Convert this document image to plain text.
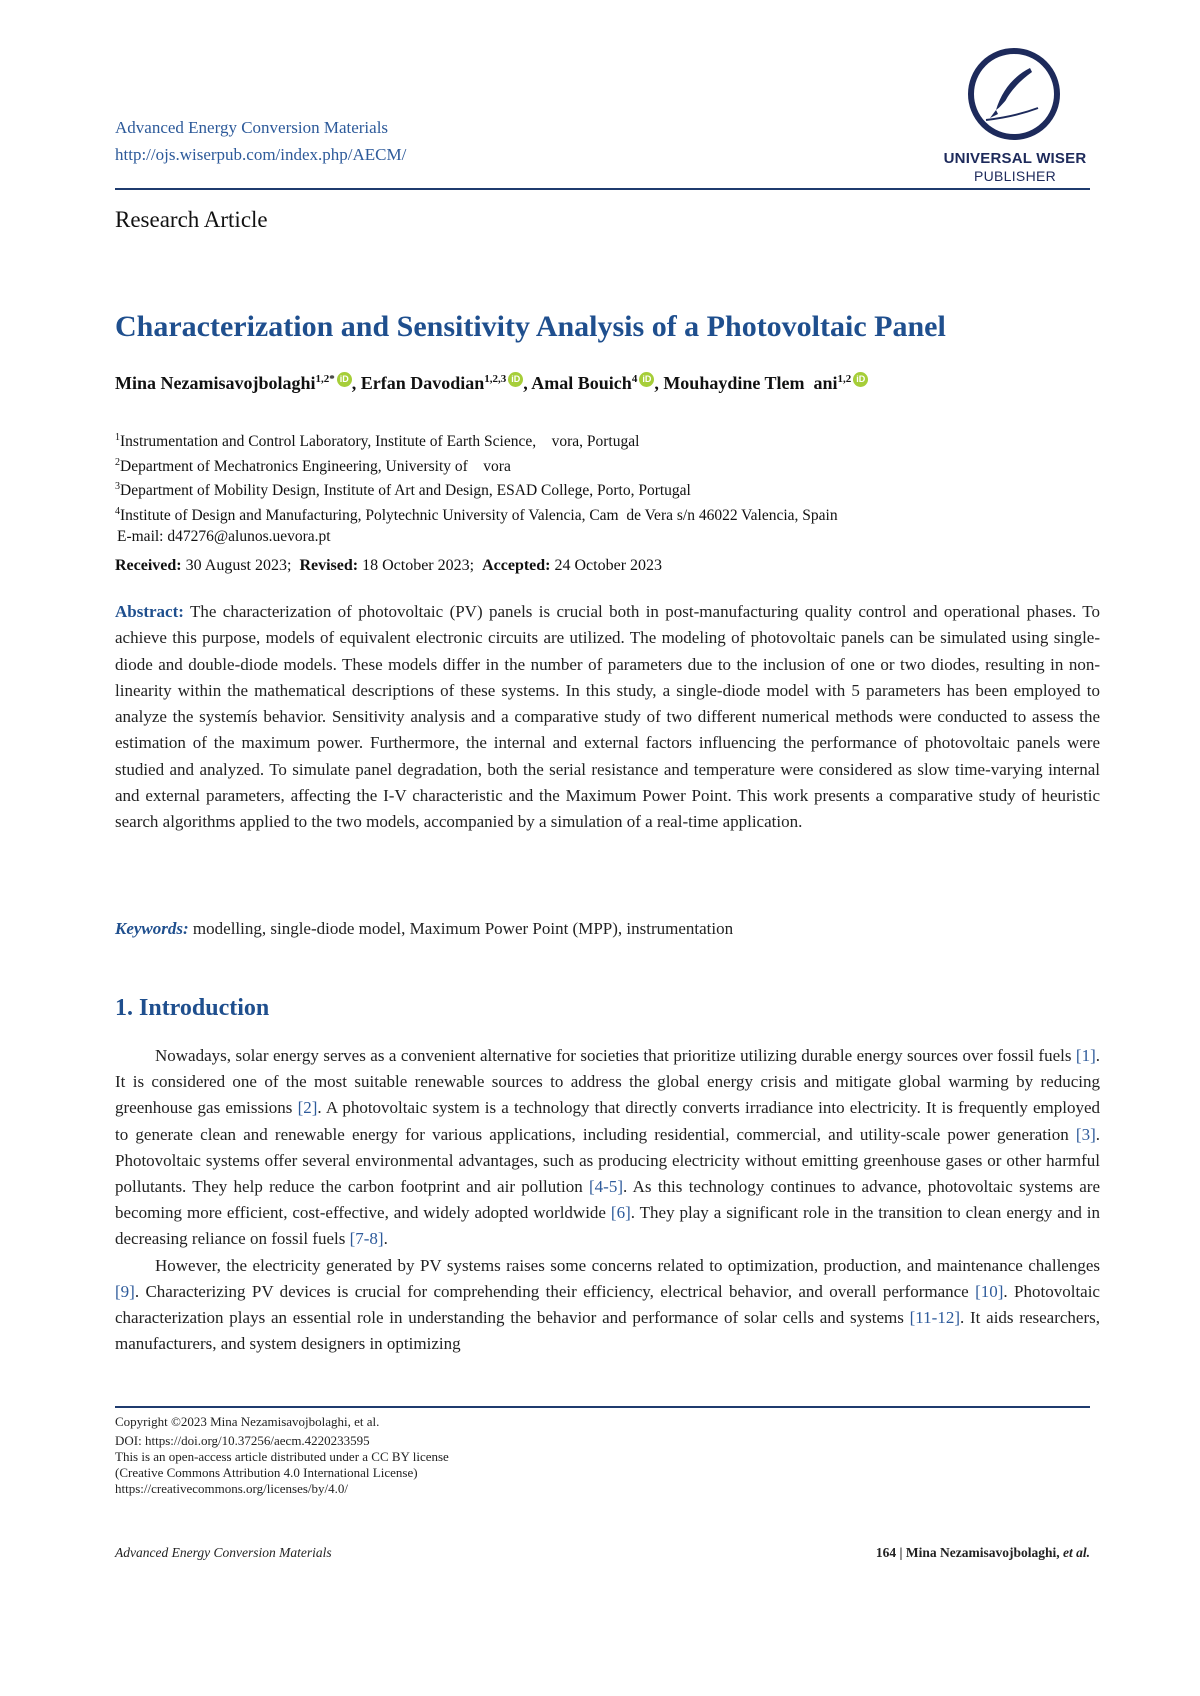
Advanced Energy Conversion Materials
http://ojs.wiserpub.com/index.php/AECM/	UNIVERSAL WISER
PUBLISHER
Research Article
Characterization and Sensitivity Analysis of a Photovoltaic Panel
Mina Nezamisavojbolaghi$^{1,2*}$ iD , Erfan Davodian$^{1,2,3}$ iD , Amal Bouich$^4$ iD , Mouhaydine Tlem  ani$^{1,2}$ iD
$^1$Instrumentation and Control Laboratory, Institute of Earth Science,    vora, Portugal
$^2$Department of Mechatronics Engineering, University of    vora
$^3$Department of Mobility Design, Institute of Art and Design, ESAD College, Porto, Portugal
$^4$Institute of Design and Manufacturing, Polytechnic University of Valencia, Cam  de Vera s/n 46022 Valencia, Spain
E-mail: d47276@alunos.uevora.pt
Received: 30 August 2023; Revised: 18 October 2023; Accepted: 24 October 2023
Abstract: The characterization of photovoltaic (PV) panels is crucial both in post-manufacturing quality control and operational phases. To achieve this purpose, models of equivalent electronic circuits are utilized. The modeling of photovoltaic panels can be simulated using single-diode and double-diode models. These models differ in the number of parameters due to the inclusion of one or two diodes, resulting in non-linearity within the mathematical descriptions of these systems. In this study, a single-diode model with 5 parameters has been employed to analyze the systemís behavior. Sensitivity analysis and a comparative study of two different numerical methods were conducted to assess the estimation of the maximum power. Furthermore, the internal and external factors influencing the performance of photovoltaic panels were studied and analyzed. To simulate panel degradation, both the serial resistance and temperature were considered as slow time-varying internal and external parameters, affecting the I-V characteristic and the Maximum Power Point. This work presents a comparative study of heuristic search algorithms applied to the two models, accompanied by a simulation of a real-time application.
Keywords: modelling, single-diode model, Maximum Power Point (MPP), instrumentation
1. Introduction

Nowadays, solar energy serves as a convenient alternative for societies that prioritize utilizing durable energy sources over fossil fuels [1]. It is considered one of the most suitable renewable sources to address the global energy crisis and mitigate global warming by reducing greenhouse gas emissions [2]. A photovoltaic system is a technology that directly converts irradiance into electricity. It is frequently employed to generate clean and renewable energy for various applications, including residential, commercial, and utility-scale power generation [3]. Photovoltaic systems offer several environmental advantages, such as producing electricity without emitting greenhouse gases or other harmful pollutants. They help reduce the carbon footprint and air pollution [4-5]. As this technology continues to advance, photovoltaic systems are becoming more efficient, cost-effective, and widely adopted worldwide [6]. They play a significant role in the transition to clean energy and in decreasing reliance on fossil fuels [7-8].

However, the electricity generated by PV systems raises some concerns related to optimization, production, and maintenance challenges [9]. Characterizing PV devices is crucial for comprehending their efficiency, electrical behavior, and overall performance [10]. Photovoltaic characterization plays an essential role in understanding the behavior and performance of solar cells and systems [11-12]. It aids researchers, manufacturers, and system designers in optimizing

Copyright ©2023 Mina Nezamisavojbolaghi, et al.
DOI: https://doi.org/10.37256/aecm.4220233595
This is an open-access article distributed under a CC BY license
(Creative Commons Attribution 4.0 International License)
https://creativecommons.org/licenses/by/4.0/
Advanced Energy Conversion Materials	164 | Mina Nezamisavojbolaghi, et al.
